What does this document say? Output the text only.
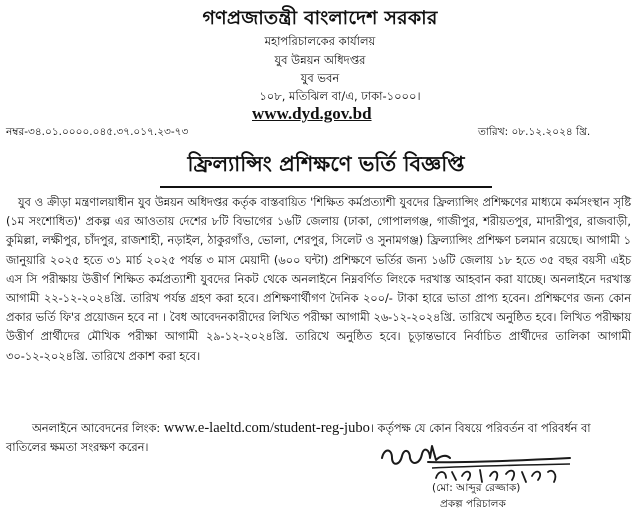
গণপ্রজাতন্ত্রী বাংলাদেশ সরকার
মহাপরিচালকের কার্যালয়
যুব উন্নয়ন অধিদপ্তর
যুব ভবন
১০৮, মতিঝিল বা/এ, ঢাকা-১০০০।
www.dyd.gov.bd
নম্বর-৩৪.০১.০০০০.০৪৫.৩৭.০১৭.২৩-৭৩	তারিখ: ০৮.১২.২০২৪ খ্রি.
ফ্রিল্যান্সিং প্রশিক্ষণে ভর্তি বিজ্ঞপ্তি
যুব ও ক্রীড়া মন্ত্রণালয়াধীন যুব উন্নয়ন অধিদপ্তর কর্তৃক বাস্তবায়িত 'শিক্ষিত কর্মপ্রত্যাশী যুবদের ফ্রিল্যান্সিং প্রশিক্ষণের মাধ্যমে কর্মসংস্থান সৃষ্টি (১ম সংশোধিত)' প্রকল্প এর আওতায় দেশের ৮টি বিভাগের ১৬টি জেলায় (ঢাকা, গোপালগঞ্জ, গাজীপুর, শরীয়তপুর, মাদারীপুর, রাজবাড়ী, কুমিল্লা, লক্ষীপুর, চাঁদপুর, রাজশাহী, নড়াইল, ঠাকুরগাঁও, ভোলা, শেরপুর, সিলেট ও সুনামগঞ্জ) ফ্রিল্যান্সিং প্রশিক্ষণ চলমান রয়েছে। আগামী ১ জানুয়ারি ২০২৫ হতে ৩১ মার্চ ২০২৫ পর্যন্ত ৩ মাস মেয়াদী (৬০০ ঘন্টা) প্রশিক্ষণে ভর্তির জন্য ১৬টি জেলায় ১৮ হতে ৩৫ বছর বয়সী এইচ এস সি পরীক্ষায় উত্তীর্ণ শিক্ষিত কর্মপ্রত্যাশী যুবদের নিকট থেকে অনলাইনে নিম্নবর্ণিত লিংকে দরখাস্ত আহবান করা যাচ্ছে। অনলাইনে দরখাস্ত আগামী ২২-১২-২০২৪খ্রি. তারিখ পর্যন্ত গ্রহণ করা হবে। প্রশিক্ষণার্থীগণ দৈনিক ২০০/- টাকা হারে ভাতা প্রাপ্য হবেন। প্রশিক্ষণের জন্য কোন প্রকার ভর্তি ফি'র প্রয়োজন হবে না । বৈধ আবেদনকারীদের লিখিত পরীক্ষা আগামী ২৬-১২-২০২৪খ্রি. তারিখে অনুষ্ঠিত হবে। লিখিত পরীক্ষায় উত্তীর্ণ প্রার্থীদের মৌখিক পরীক্ষা আগামী ২৯-১২-২০২৪খ্রি. তারিখে অনুষ্ঠিত হবে। চূড়ান্তভাবে নির্বাচিত প্রার্থীদের তালিকা আগামী ৩০-১২-২০২৪খ্রি. তারিখে প্রকাশ করা হবে।
অনলাইনে আবেদনের লিংক: www.e-laeltd.com/student-reg-jubo। কর্তৃপক্ষ যে কোন বিষয়ে পরিবর্তন বা পরিবর্ধন বা বাতিলের ক্ষমতা সংরক্ষণ করেন।
(মো: আব্দুর রেজ্জাক)
প্রকল্প পরিচালক
